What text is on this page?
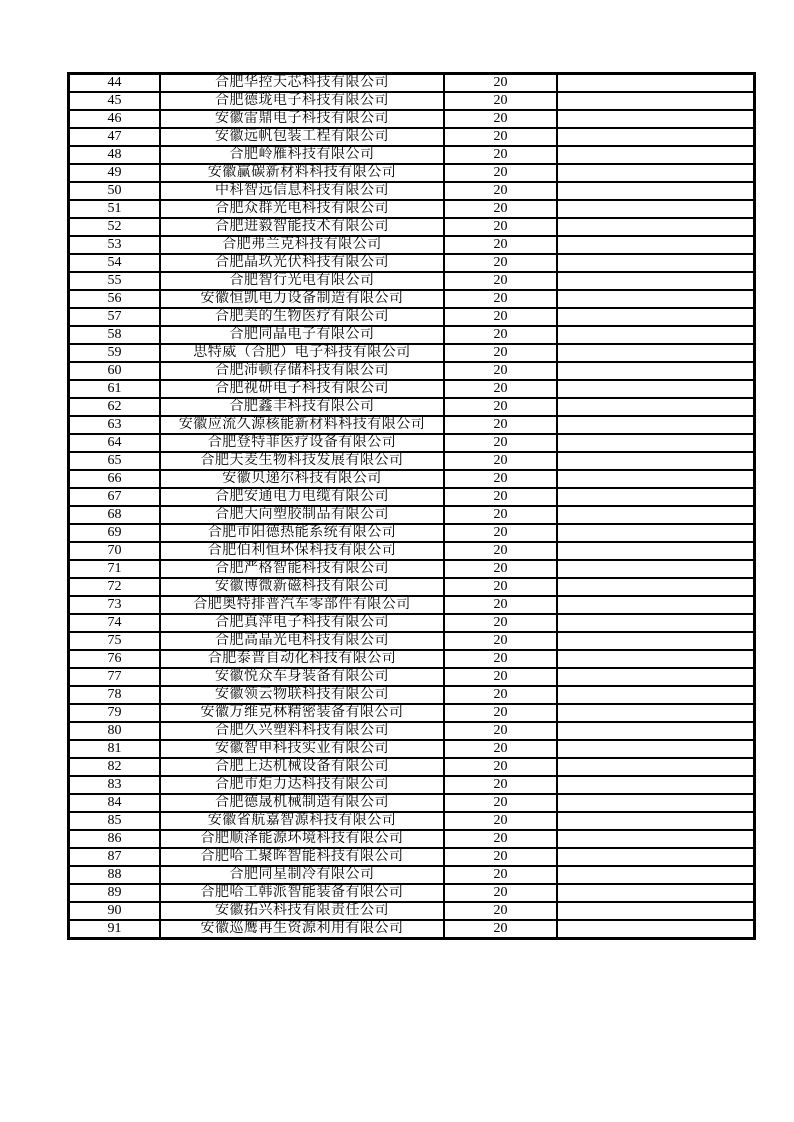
44	合肥华控天芯科技有限公司	20	
45	合肥德珑电子科技有限公司	20	
46	安徽雷鼎电子科技有限公司	20	
47	安徽远帆包装工程有限公司	20	
48	合肥岭雁科技有限公司	20	
49	安徽赢碳新材料科技有限公司	20	
50	中科智远信息科技有限公司	20	
51	合肥众群光电科技有限公司	20	
52	合肥进毅智能技术有限公司	20	
53	合肥弗兰克科技有限公司	20	
54	合肥晶玖光伏科技有限公司	20	
55	合肥智行光电有限公司	20	
56	安徽恒凯电力设备制造有限公司	20	
57	合肥美的生物医疗有限公司	20	
58	合肥同晶电子有限公司	20	
59	思特威（合肥）电子科技有限公司	20	
60	合肥沛顿存储科技有限公司	20	
61	合肥视研电子科技有限公司	20	
62	合肥鑫丰科技有限公司	20	
63	安徽应流久源核能新材料科技有限公司	20	
64	合肥登特菲医疗设备有限公司	20	
65	合肥天麦生物科技发展有限公司	20	
66	安徽贝递尔科技有限公司	20	
67	合肥安通电力电缆有限公司	20	
68	合肥大向塑胶制品有限公司	20	
69	合肥市阳德热能系统有限公司	20	
70	合肥伯利恒环保科技有限公司	20	
71	合肥严格智能科技有限公司	20	
72	安徽博微新磁科技有限公司	20	
73	合肥奥特排普汽车零部件有限公司	20	
74	合肥真萍电子科技有限公司	20	
75	合肥高晶光电科技有限公司	20	
76	合肥泰晋自动化科技有限公司	20	
77	安徽悦众车身装备有限公司	20	
78	安徽领云物联科技有限公司	20	
79	安徽万维克林精密装备有限公司	20	
80	合肥久兴塑料科技有限公司	20	
81	安徽智申科技实业有限公司	20	
82	合肥上达机械设备有限公司	20	
83	合肥市炬力达科技有限公司	20	
84	合肥德晟机械制造有限公司	20	
85	安徽省航嘉智源科技有限公司	20	
86	合肥顺泽能源环境科技有限公司	20	
87	合肥哈工聚晖智能科技有限公司	20	
88	合肥同星制冷有限公司	20	
89	合肥哈工韩派智能装备有限公司	20	
90	安徽拓兴科技有限责任公司	20	
91	安徽巡鹰再生资源利用有限公司	20	
